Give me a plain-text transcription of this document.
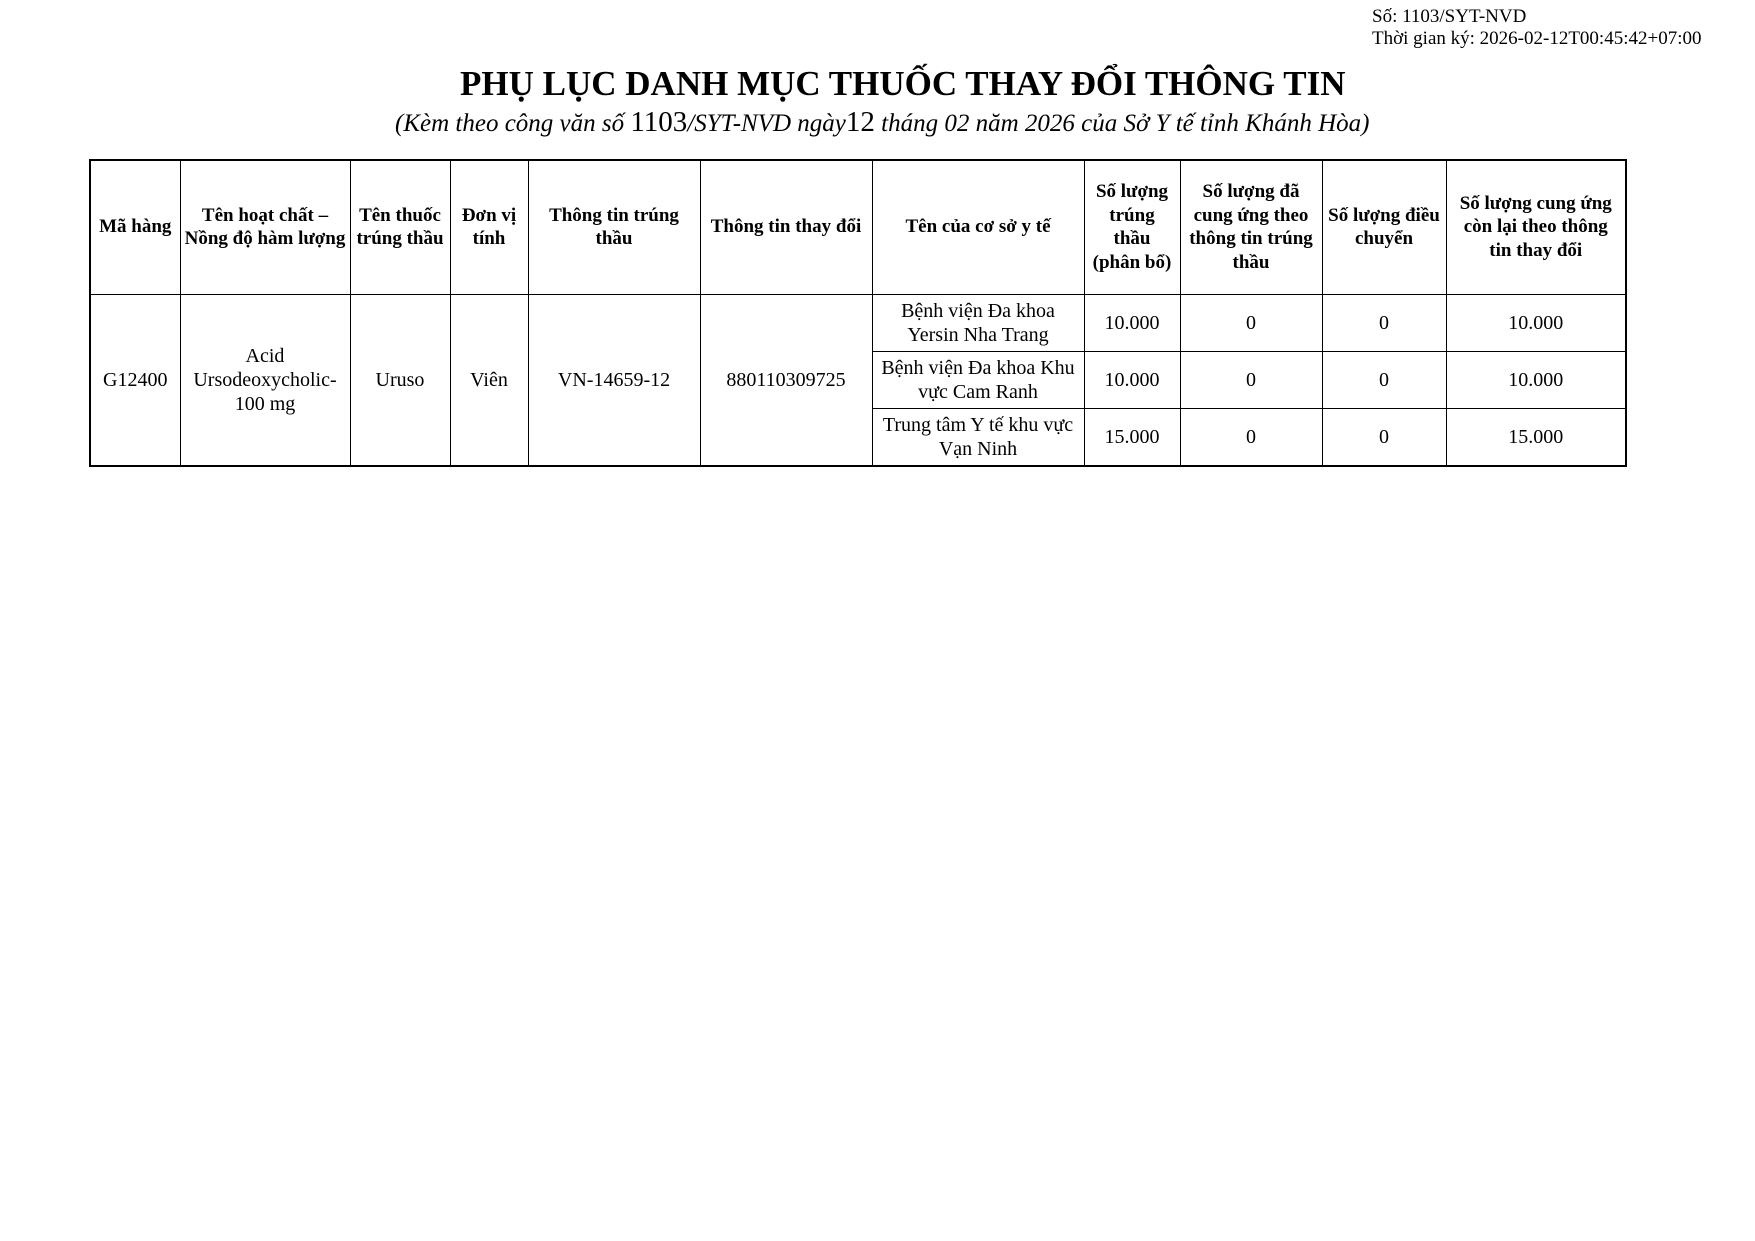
Số: 1103/SYT-NVD
Thời gian ký: 2026-02-12T00:45:42+07:00
PHỤ LỤC DANH MỤC THUỐC THAY ĐỔI THÔNG TIN
(Kèm theo công văn số 1103/SYT-NVD ngày12 tháng 02 năm 2026 của Sở Y tế tỉnh Khánh Hòa)
Mã hàng	Tên hoạt chất – Nồng độ hàm lượng	Tên thuốc trúng thầu	Đơn vị tính	Thông tin trúng thầu	Thông tin thay đổi	Tên của cơ sở y tế	Số lượng trúng thầu (phân bổ)	Số lượng đã cung ứng theo thông tin trúng thầu	Số lượng điều chuyển	Số lượng cung ứng còn lại theo thông tin thay đổi
G12400	Acid Ursodeoxycholic- 100 mg	Uruso	Viên	VN-14659-12	880110309725	Bệnh viện Đa khoa Yersin Nha Trang	10.000	0	0	10.000
						Bệnh viện Đa khoa Khu vực Cam Ranh	10.000	0	0	10.000
						Trung tâm Y tế khu vực Vạn Ninh	15.000	0	0	15.000
